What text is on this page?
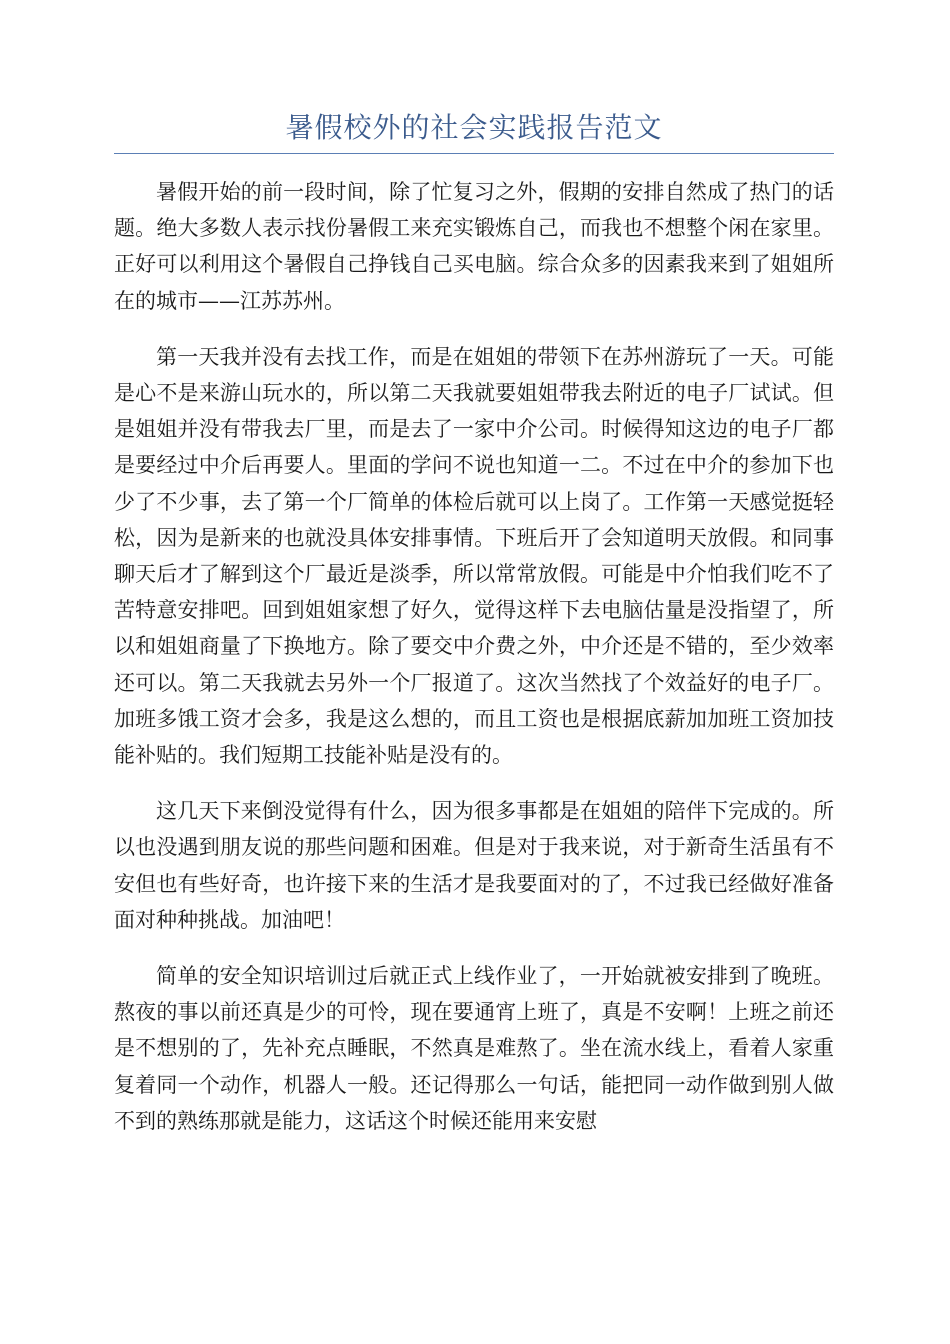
暑假校外的社会实践报告范文

暑假开始的前一段时间，除了忙复习之外，假期的安排自然成了热门的话题。绝大多数人表示找份暑假工来充实锻炼自己，而我也不想整个闲在家里。正好可以利用这个暑假自己挣钱自己买电脑。综合众多的因素我来到了姐姐所在的城市——江苏苏州。

第一天我并没有去找工作，而是在姐姐的带领下在苏州游玩了一天。可能是心不是来游山玩水的，所以第二天我就要姐姐带我去附近的电子厂试试。但是姐姐并没有带我去厂里，而是去了一家中介公司。时候得知这边的电子厂都是要经过中介后再要人。里面的学问不说也知道一二。不过在中介的参加下也少了不少事，去了第一个厂简单的体检后就可以上岗了。工作第一天感觉挺轻松，因为是新来的也就没具体安排事情。下班后开了会知道明天放假。和同事聊天后才了解到这个厂最近是淡季，所以常常放假。可能是中介怕我们吃不了苦特意安排吧。回到姐姐家想了好久，觉得这样下去电脑估量是没指望了，所以和姐姐商量了下换地方。除了要交中介费之外，中介还是不错的，至少效率还可以。第二天我就去另外一个厂报道了。这次当然找了个效益好的电子厂。加班多饿工资才会多，我是这么想的，而且工资也是根据底薪加加班工资加技能补贴的。我们短期工技能补贴是没有的。

这几天下来倒没觉得有什么，因为很多事都是在姐姐的陪伴下完成的。所以也没遇到朋友说的那些问题和困难。但是对于我来说，对于新奇生活虽有不安但也有些好奇，也许接下来的生活才是我要面对的了，不过我已经做好准备面对种种挑战。加油吧！

简单的安全知识培训过后就正式上线作业了，一开始就被安排到了晚班。熬夜的事以前还真是少的可怜，现在要通宵上班了，真是不安啊！上班之前还是不想别的了，先补充点睡眠，不然真是难熬了。坐在流水线上，看着人家重复着同一个动作，机器人一般。还记得那么一句话，能把同一动作做到别人做不到的熟练那就是能力，这话这个时候还能用来安慰
